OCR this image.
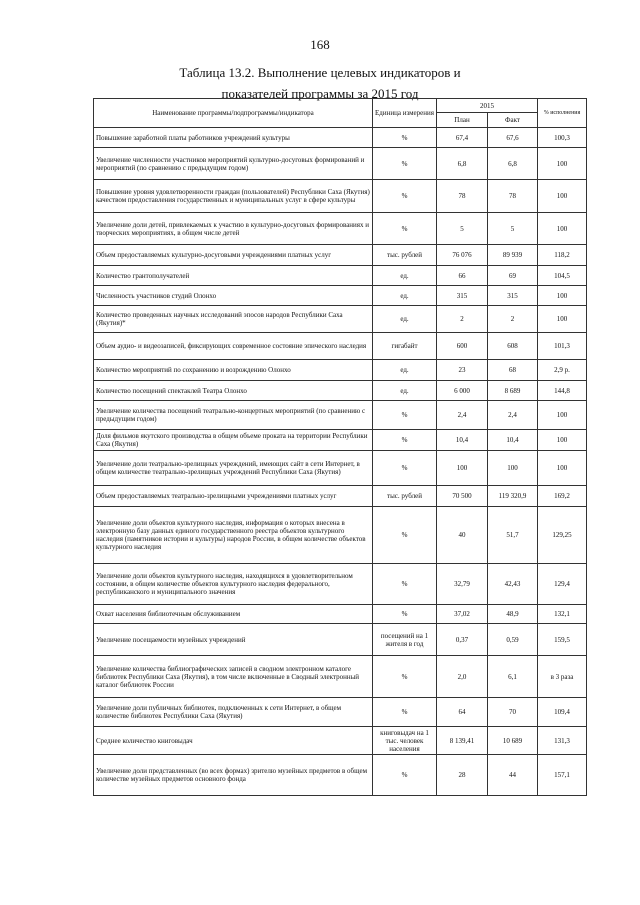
168
Таблица 13.2. Выполнение целевых индикаторов и
показателей программы за 2015 год
Наименование программы/подпрограммы/индикатора	Единица измерения	2015		% исполнения
		План	Факт	
Повышение заработной платы работников учреждений культуры	%	67,4	67,6	100,3
Увеличение численности участников мероприятий культурно-досуговых формирований и мероприятий (по сравнению с предыдущим годом)	%	6,8	6,8	100
Повышение уровня удовлетворенности граждан (пользователей) Республики Саха (Якутия) качеством предоставления государственных и муниципальных услуг в сфере культуры	%	78	78	100
Увеличение доли детей, привлекаемых к участию в культурно-досуговых формированиях и творческих мероприятиях, в общем числе детей	%	5	5	100
Объем предоставляемых культурно-досуговыми учреждениями платных услуг	тыс. рублей	76 076	89 939	118,2
Количество грантополучателей	ед.	66	69	104,5
Численность участников студий Олонхо	ед.	315	315	100
Количество проведенных научных исследований эпосов народов Республики Саха (Якутия)*	ед.	2	2	100
Объем аудио- и видеозаписей, фиксирующих современное состояние эпического наследия	гигабайт	600	608	101,3
Количество мероприятий по сохранению и возрождению Олонхо	ед.	23	68	2,9 р.
Количество посещений спектаклей Театра Олонхо	ед.	6 000	8 689	144,8
Увеличение количества посещений театрально-концертных мероприятий (по сравнению с предыдущим годом)	%	2,4	2,4	100
Доля фильмов якутского производства в общем объеме проката на территории Республики Саха (Якутия)	%	10,4	10,4	100
Увеличение доли театрально-зрелищных учреждений, имеющих сайт в сети Интернет, в общем количестве театрально-зрелищных учреждений Республики Саха (Якутия)	%	100	100	100
Объем предоставляемых театрально-зрелищными учреждениями платных услуг	тыс. рублей	70 500	119 320,9	169,2
Увеличение доли объектов культурного наследия, информация о которых внесена в электронную базу данных единого государственного реестра объектов культурного наследия (памятников истории и культуры) народов России, в общем количестве объектов культурного наследия	%	40	51,7	129,25
Увеличение доли объектов культурного наследия, находящихся в удовлетворительном состоянии, в общем количестве объектов культурного наследия федерального, республиканского и муниципального значения	%	32,79	42,43	129,4
Охват населения библиотечным обслуживанием	%	37,02	48,9	132,1
Увеличение посещаемости музейных учреждений	посещений на 1 жителя в год	0,37	0,59	159,5
Увеличение количества библиографических записей в сводном электронном каталоге библиотек Республики Саха (Якутия), в том числе включенные в Сводный электронный каталог библиотек России	%	2,0	6,1	в 3 раза
Увеличение доли публичных библиотек, подключенных к сети Интернет, в общем количестве библиотек Республики Саха (Якутия)	%	64	70	109,4
Среднее количество книговыдач	книговыдач на 1 тыс. человек населения	8 139,41	10 689	131,3
Увеличение доли представленных (во всех формах) зрителю музейных предметов в общем количестве музейных предметов основного фонда	%	28	44	157,1
